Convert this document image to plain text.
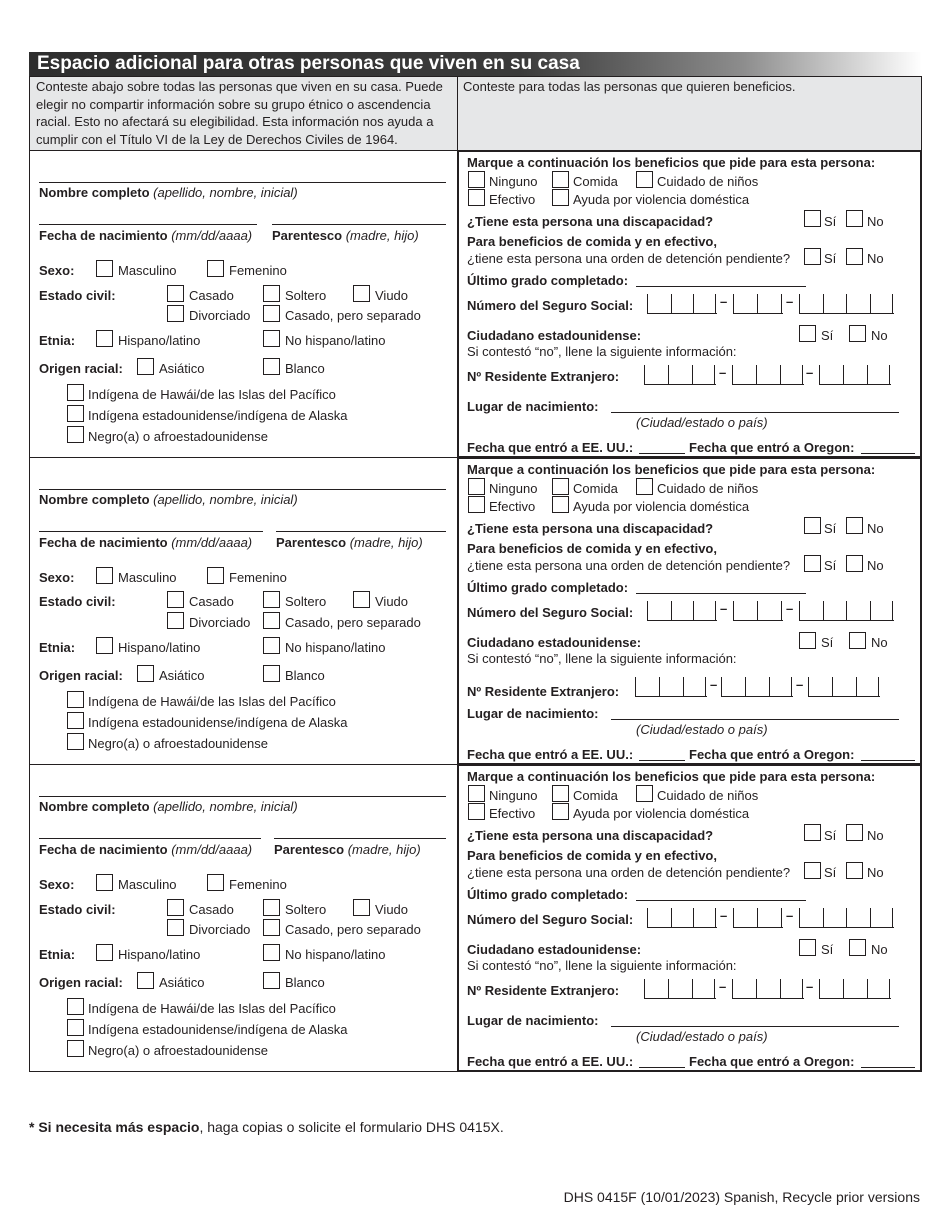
Espacio adicional para otras personas que viven en su casa
Conteste abajo sobre todas las personas que viven en su casa. Puede elegir no compartir información sobre su grupo étnico o ascendencia racial. Esto no afectará su elegibilidad. Esta información nos ayuda a cumplir con el Título VI de la Ley de Derechos Civiles de 1964.
Conteste para todas las personas que quieren beneficios.
Nombre completo (apellido, nombre, inicial)
Fecha de nacimiento (mm/dd/aaaa) Parentesco (madre, hijo)
Sexo:	Masculino	Femenino
Estado civil:	Casado	Soltero	Viudo
Divorciado	Casado, pero separado
Etnia:	Hispano/latino	No hispano/latino
Origen racial:	Asiático	Blanco
Indígena de Hawái/de las Islas del Pacífico
Indígena estadounidense/indígena de Alaska
Negro(a) o afroestadounidense
Marque a continuación los beneficios que pide para esta persona:
Ninguno	Comida	Cuidado de niños
Efectivo	Ayuda por violencia doméstica
¿Tiene esta persona una discapacidad?	Sí No
Para beneficios de comida y en efectivo,
¿tiene esta persona una orden de detención pendiente?	Sí No
Último grado completado:
Número del Seguro Social:	–	–
Ciudadano estadounidense:	Sí	No
Si contestó “no”, llene la siguiente información:
Nº Residente Extranjero:	–	–
Lugar de nacimiento:
(Ciudad/estado o país)
Fecha que entró a EE. UU.:	Fecha que entró a Oregon:
Nombre completo (apellido, nombre, inicial)
Fecha de nacimiento (mm/dd/aaaa) Parentesco (madre, hijo)
Sexo:	Masculino	Femenino
Estado civil:	Casado	Soltero	Viudo
Divorciado	Casado, pero separado
Etnia:	Hispano/latino	No hispano/latino
Origen racial:	Asiático	Blanco
Indígena de Hawái/de las Islas del Pacífico
Indígena estadounidense/indígena de Alaska
Negro(a) o afroestadounidense
Marque a continuación los beneficios que pide para esta persona:
Ninguno	Comida	Cuidado de niños
Efectivo	Ayuda por violencia doméstica
¿Tiene esta persona una discapacidad?	Sí No
Para beneficios de comida y en efectivo,
¿tiene esta persona una orden de detención pendiente?	Sí No
Último grado completado:
Número del Seguro Social:	–	–
Ciudadano estadounidense:	Sí	No
Si contestó “no”, llene la siguiente información:
Nº Residente Extranjero:	–	–
Lugar de nacimiento:
(Ciudad/estado o país)
Fecha que entró a EE. UU.:	Fecha que entró a Oregon:
Nombre completo (apellido, nombre, inicial)
Fecha de nacimiento (mm/dd/aaaa) Parentesco (madre, hijo)
Sexo:	Masculino	Femenino
Estado civil:	Casado	Soltero	Viudo
Divorciado	Casado, pero separado
Etnia:	Hispano/latino	No hispano/latino
Origen racial:	Asiático	Blanco
Indígena de Hawái/de las Islas del Pacífico
Indígena estadounidense/indígena de Alaska
Negro(a) o afroestadounidense
Marque a continuación los beneficios que pide para esta persona:
Ninguno	Comida	Cuidado de niños
Efectivo	Ayuda por violencia doméstica
¿Tiene esta persona una discapacidad?	Sí No
Para beneficios de comida y en efectivo,
¿tiene esta persona una orden de detención pendiente?	Sí No
Último grado completado:
Número del Seguro Social:	–	–
Ciudadano estadounidense:	Sí	No
Si contestó “no”, llene la siguiente información:
Nº Residente Extranjero:	–	–
Lugar de nacimiento:
(Ciudad/estado o país)
Fecha que entró a EE. UU.:	Fecha que entró a Oregon:
* Si necesita más espacio, haga copias o solicite el formulario DHS 0415X.
DHS 0415F (10/01/2023) Spanish, Recycle prior versions
